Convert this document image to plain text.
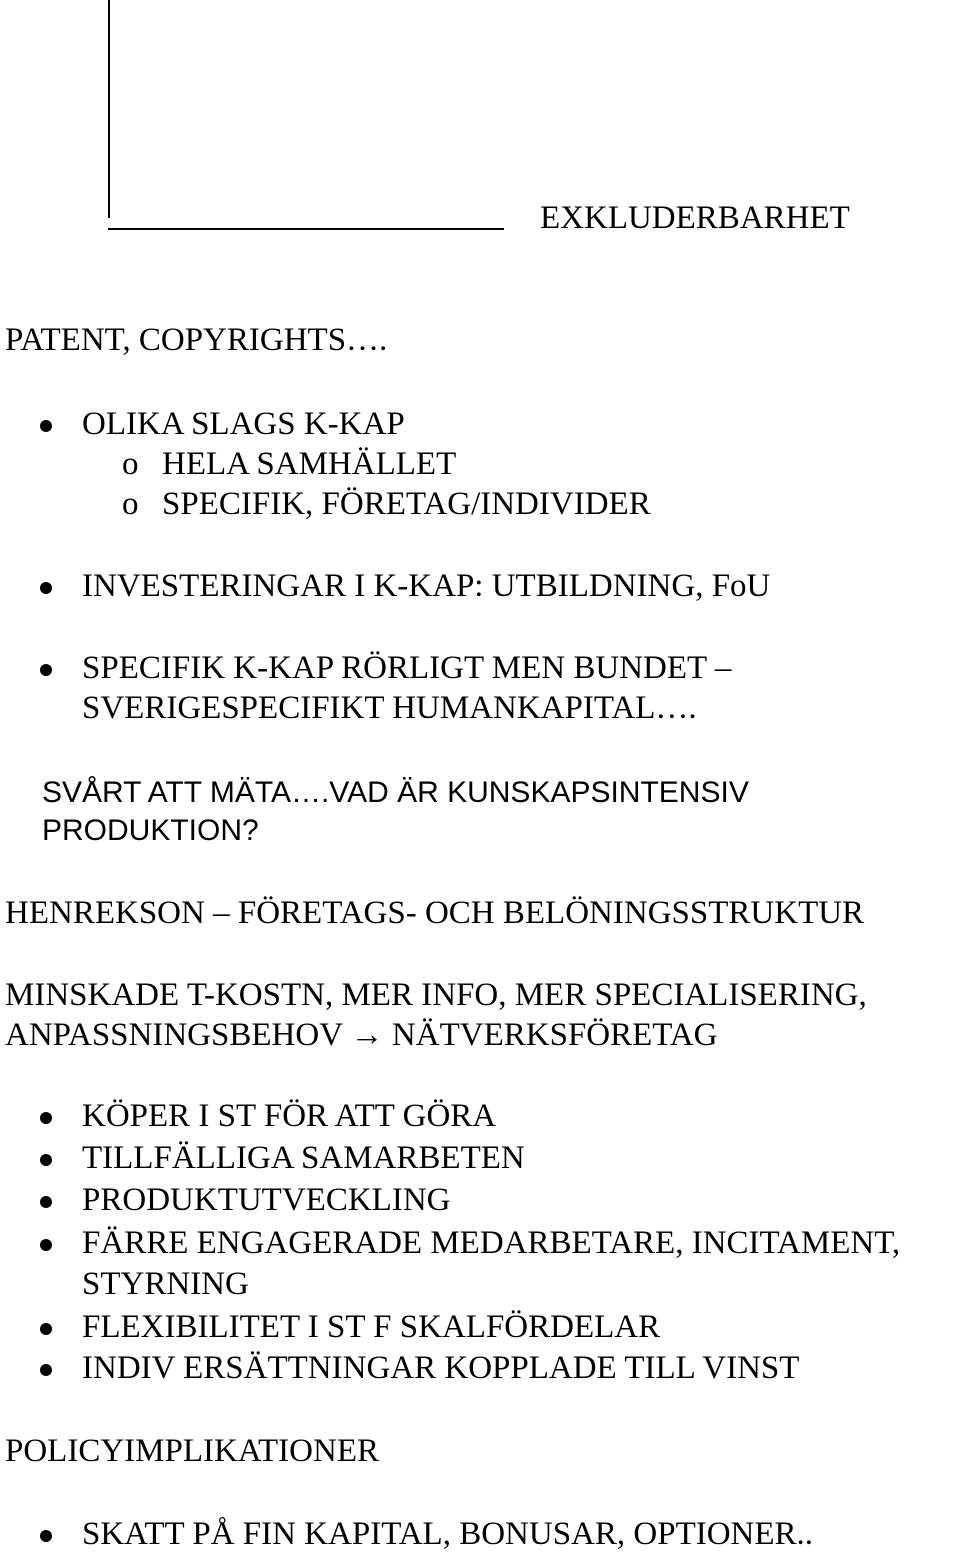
EXKLUDERBARHET
PATENT, COPYRIGHTS….
OLIKA SLAGS K-KAP
o HELA SAMHÄLLET
o SPECIFIK, FÖRETAG/INDIVIDER
INVESTERINGAR I K-KAP: UTBILDNING, FoU
SPECIFIK K-KAP RÖRLIGT MEN BUNDET –
SVERIGESPECIFIKT HUMANKAPITAL….
SVÅRT ATT MÄTA….VAD ÄR KUNSKAPSINTENSIV
PRODUKTION?
HENREKSON – FÖRETAGS- OCH BELÖNINGSSTRUKTUR
MINSKADE T-KOSTN, MER INFO, MER SPECIALISERING,
ANPASSNINGSBEHOV → NÄTVERKSFÖRETAG
KÖPER I ST FÖR ATT GÖRA
TILLFÄLLIGA SAMARBETEN
PRODUKTUTVECKLING
FÄRRE ENGAGERADE MEDARBETARE, INCITAMENT,
STYRNING
FLEXIBILITET I ST F SKALFÖRDELAR
INDIV ERSÄTTNINGAR KOPPLADE TILL VINST
POLICYIMPLIKATIONER
SKATT PÅ FIN KAPITAL, BONUSAR, OPTIONER..
